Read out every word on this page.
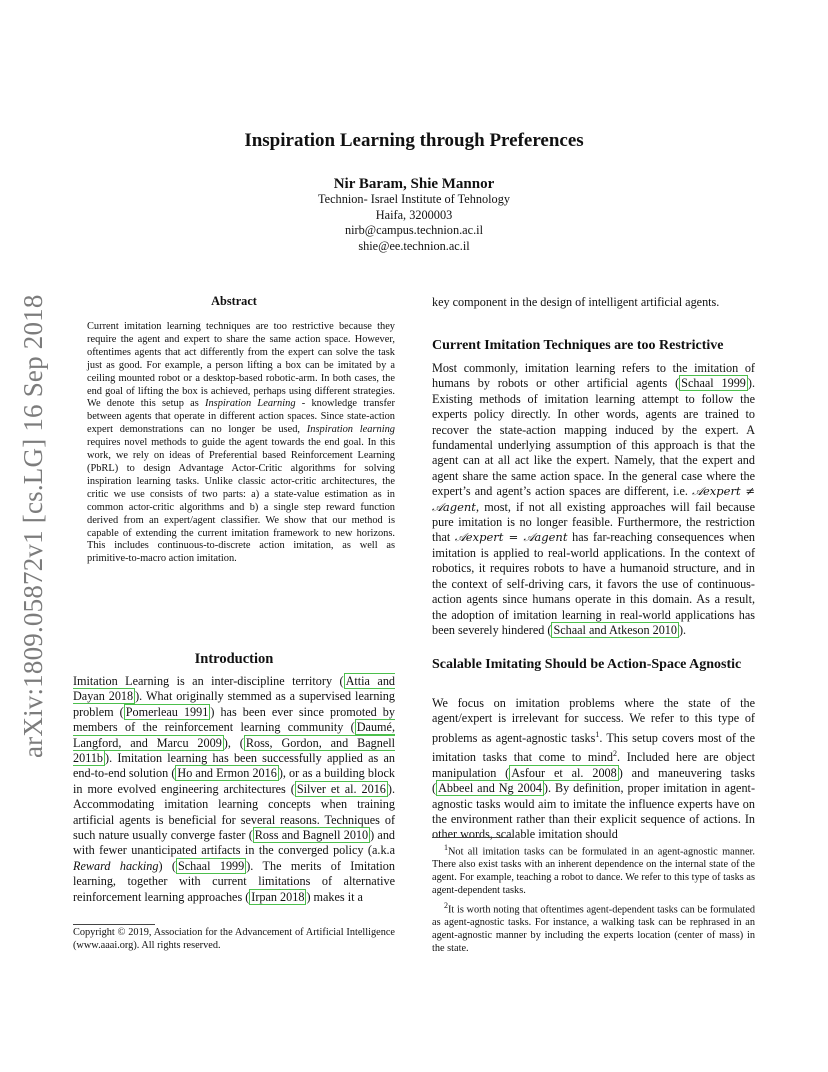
arXiv:1809.05872v1 [cs.LG] 16 Sep 2018
Inspiration Learning through Preferences
Nir Baram, Shie Mannor
Technion- Israel Institute of Tehnology
Haifa, 3200003
nirb@campus.technion.ac.il
shie@ee.technion.ac.il
Abstract
Current imitation learning techniques are too restrictive because they require the agent and expert to share the same action space. However, oftentimes agents that act differently from the expert can solve the task just as good. For example, a person lifting a box can be imitated by a ceiling mounted robot or a desktop-based robotic-arm. In both cases, the end goal of lifting the box is achieved, perhaps using different strategies. We denote this setup as Inspiration Learning - knowledge transfer between agents that operate in different action spaces. Since state-action expert demonstrations can no longer be used, Inspiration learning requires novel methods to guide the agent towards the end goal. In this work, we rely on ideas of Preferential based Reinforcement Learning (PbRL) to design Advantage Actor-Critic algorithms for solving inspiration learning tasks. Unlike classic actor-critic architectures, the critic we use consists of two parts: a) a state-value estimation as in common actor-critic algorithms and b) a single step reward function derived from an expert/agent classifier. We show that our method is capable of extending the current imitation framework to new horizons. This includes continuous-to-discrete action imitation, as well as primitive-to-macro action imitation.
Introduction
Imitation Learning is an inter-discipline territory ( Attia and Dayan 2018 ). What originally stemmed as a supervised learning problem ( Pomerleau 1991 ) has been ever since promoted by members of the reinforcement learning community ( Daumé, Langford, and Marcu 2009 ), ( Ross, Gordon, and Bagnell 2011b ). Imitation learning has been successfully applied as an end-to-end solution ( Ho and Ermon 2016 ), or as a building block in more evolved engineering architectures ( Silver et al. 2016 ). Accommodating imitation learning concepts when training artificial agents is beneficial for several reasons. Techniques of such nature usually converge faster ( Ross and Bagnell 2010 ) and with fewer unanticipated artifacts in the converged policy (a.k.a Reward hacking) ( Schaal 1999 ). The merits of Imitation learning, together with current limitations of alternative reinforcement learning approaches ( Irpan 2018 ) makes it a
Copyright © 2019, Association for the Advancement of Artificial Intelligence (www.aaai.org). All rights reserved.
key component in the design of intelligent artificial agents.
Current Imitation Techniques are too Restrictive
Most commonly, imitation learning refers to the imitation of humans by robots or other artificial agents ( Schaal 1999 ). Existing methods of imitation learning attempt to follow the experts policy directly. In other words, agents are trained to recover the state-action mapping induced by the expert. A fundamental underlying assumption of this approach is that the agent can at all act like the expert. Namely, that the expert and agent share the same action space. In the general case where the expert’s and agent’s action spaces are different, i.e. 𝒜expert ≠ 𝒜agent, most, if not all existing approaches will fail because pure imitation is no longer feasible. Furthermore, the restriction that 𝒜expert = 𝒜agent has far-reaching consequences when imitation is applied to real-world applications. In the context of robotics, it requires robots to have a humanoid structure, and in the context of self-driving cars, it favors the use of continuous-action agents since humans operate in this domain. As a result, the adoption of imitation learning in real-world applications has been severely hindered ( Schaal and Atkeson 2010 ).
Scalable Imitating Should be Action-Space Agnostic
We focus on imitation problems where the state of the agent/expert is irrelevant for success. We refer to this type of problems as agent-agnostic tasks$^1$. This setup covers most of the imitation tasks that come to mind$^2$. Included here are object manipulation ( Asfour et al. 2008 ) and maneuvering tasks ( Abbeel and Ng 2004 ). By definition, proper imitation in agent-agnostic tasks would aim to imitate the influence experts have on the environment rather than their explicit sequence of actions. In other words, scalable imitation should
$^1$Not all imitation tasks can be formulated in an agent-agnostic manner. There also exist tasks with an inherent dependence on the internal state of the agent. For example, teaching a robot to dance. We refer to this type of tasks as agent-dependent tasks.
$^2$It is worth noting that oftentimes agent-dependent tasks can be formulated as agent-agnostic tasks. For instance, a walking task can be rephrased in an agent-agnostic manner by including the experts location (center of mass) in the state.
